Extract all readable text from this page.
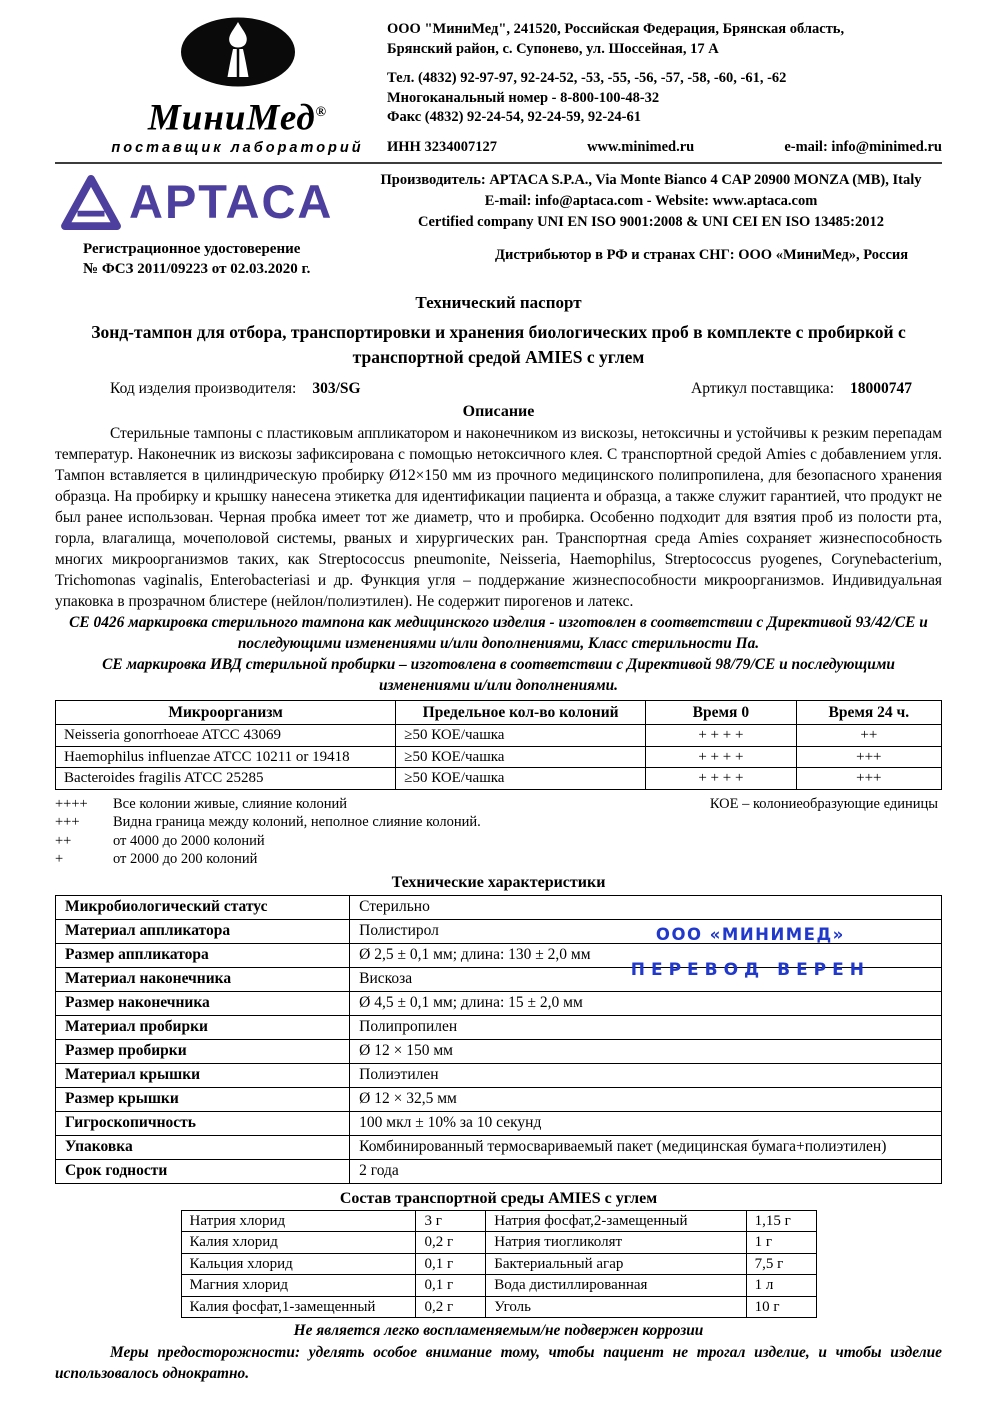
МиниМед®
поставщик лабораторий
ООО "МиниМед", 241520, Российская Федерация, Брянская область,
Брянский район, с. Супонево, ул. Шоссейная, 17 А
Тел. (4832) 92-97-97, 92-24-52, -53, -55, -56, -57, -58, -60, -61, -62
Многоканальный номер - 8-800-100-48-32
Факс (4832) 92-24-54, 92-24-59, 92-24-61
ИНН 3234007127	www.minimed.ru	e-mail: info@minimed.ru
APTACA	Производитель: APTACA S.P.A., Via Monte Bianco 4 CAP 20900 MONZA (MB), Italy
E-mail: info@aptaca.com - Website: www.aptaca.com
Certified company UNI EN ISO 9001:2008 & UNI CEI EN ISO 13485:2012
Регистрационное удостоверение
№ ФСЗ 2011/09223 от 02.03.2020 г.
Дистрибьютор в РФ и странах СНГ: ООО «МиниМед», Россия
Технический паспорт
Зонд-тампон для отбора, транспортировки и хранения биологических проб в комплекте с пробиркой с транспортной средой AMIES с углем
Код изделия производителя: 303/SG	Артикул поставщика: 18000747
Описание

Стерильные тампоны с пластиковым аппликатором и наконечником из вискозы, нетоксичны и устойчивы к резким перепадам температур. Наконечник из вискозы зафиксирована с помощью нетоксичного клея. С транспортной средой Amies с добавлением угля. Тампон вставляется в цилиндрическую пробирку Ø12×150 мм из прочного медицинского полипропилена, для безопасного хранения образца. На пробирку и крышку нанесена этикетка для идентификации пациента и образца, а также служит гарантией, что продукт не был ранее использован. Черная пробка имеет тот же диаметр, что и пробирка. Особенно подходит для взятия проб из полости рта, горла, влагалища, мочеполовой системы, рваных и хирургических ран. Транспортная среда Amies сохраняет жизнеспособность многих микроорганизмов таких, как Streptococcus pneumonite, Neisseria, Haemophilus, Streptococcus pyogenes, Corynebacterium, Trichomonas vaginalis, Enterobacteriasi и др. Функция угля – поддержание жизнеспособности микроорганизмов. Индивидуальная упаковка в прозрачном блистере (нейлон/полиэтилен). Не содержит пирогенов и латекс.

СЕ 0426 маркировка стерильного тампона как медицинского изделия - изготовлен в соответствии с Директивой 93/42/СЕ и последующими изменениями и/или дополнениями, Класс стерильности Па.
СЕ маркировка ИВД стерильной пробирки – изготовлена в соответствии с Директивой 98/79/СЕ и последующими изменениями и/или дополнениями.
Микроорганизм	Предельное кол-во колоний	Время 0	Время 24 ч.
Neisseria gonorrhoeae ATCC 43069	≥50 КОЕ/чашка	+ + + +	++
Haemophilus influenzae ATCC 10211 or 19418	≥50 КОЕ/чашка	+ + + +	+++
Bacteroides fragilis ATCC 25285	≥50 КОЕ/чашка	+ + + +	+++
КОЕ – колониеобразующие единицы
++++ Все колонии живые, слияние колоний
+++ Видна граница между колоний, неполное слияние колоний.
++	от 4000 до 2000 колоний
+	от 2000 до 200 колоний
Технические характеристики
Микробиологический статус	Стерильно
Материал аппликатора	Полистирол
Размер аппликатора	Ø 2,5 ± 0,1 мм; длина: 130 ± 2,0 мм
Материал наконечника	Вискоза
Размер наконечника	Ø 4,5 ± 0,1 мм; длина: 15 ± 2,0 мм
Материал пробирки	Полипропилен
Размер пробирки	Ø 12 × 150 мм
Материал крышки	Полиэтилен
Размер крышки	Ø 12 × 32,5 мм
Гигроскопичность	100 мкл ± 10% за 10 секунд
Упаковка	Комбинированный термосвариваемый пакет (медицинская бумага+полиэтилен)
Срок годности	2 года
ООО «МИНИМЕД»
ПЕРЕВОД ВЕРЕН
Состав транспортной среды AMIES с углем
Натрия хлорид	3 г	Натрия фосфат,2-замещенный	1,15 г
Калия хлорид	0,2 г	Натрия тиогликолят	1 г
Кальция хлорид	0,1 г	Бактериальный агар	7,5 г
Магния хлорид	0,1 г	Вода дистиллированная	1 л
Калия фосфат,1-замещенный	0,2 г	Уголь	10 г
Не является легко воспламеняемым/не подвержен коррозии

Меры предосторожности: уделять особое внимание тому, чтобы пациент не трогал изделие, и чтобы изделие использовалось однократно.
